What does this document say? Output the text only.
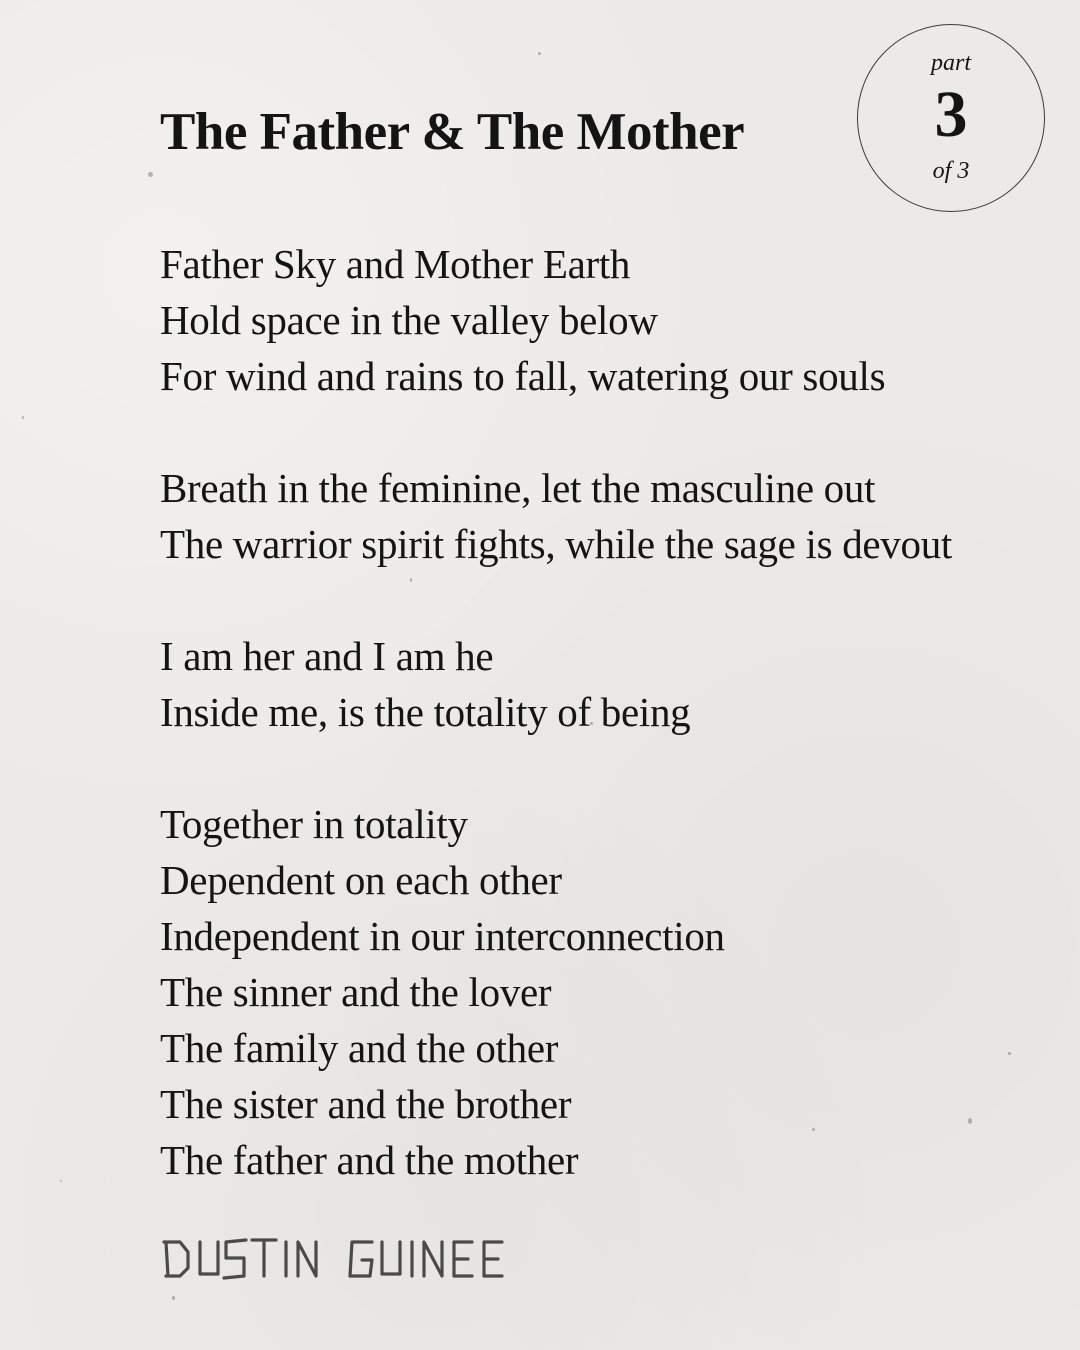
The Father & The Mother
part
3
of 3
Father Sky and Mother Earth
Hold space in the valley below
For wind and rains to fall, watering our souls
Breath in the feminine, let the masculine out
The warrior spirit fights, while the sage is devout
I am her and I am he
Inside me, is the totality of being
Together in totality
Dependent on each other
Independent in our interconnection
The sinner and the lover
The family and the other
The sister and the brother
The father and the mother
